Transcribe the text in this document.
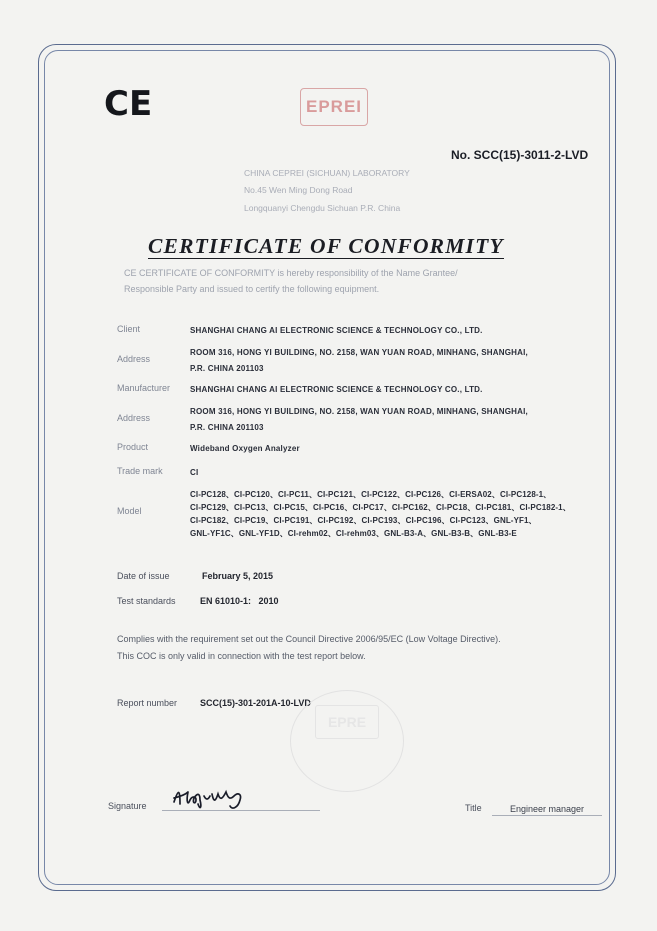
CE	EPREI
No. SCC(15)-3011-2-LVD
CHINA CEPREI (SICHUAN) LABORATORY
No.45 Wen Ming Dong Road
Longquanyi Chengdu Sichuan P.R. China
CERTIFICATE OF CONFORMITY
CE CERTIFICATE OF CONFORMITY is hereby responsibility of the Name Grantee/
Responsible Party and issued to certify the following equipment.
Client	SHANGHAI CHANG AI ELECTRONIC SCIENCE & TECHNOLOGY CO., LTD.
Address
ROOM 316, HONG YI BUILDING, NO. 2158, WAN YUAN ROAD, MINHANG, SHANGHAI,
P.R. CHINA 201103
Manufacturer SHANGHAI CHANG AI ELECTRONIC SCIENCE & TECHNOLOGY CO., LTD.
Address
ROOM 316, HONG YI BUILDING, NO. 2158, WAN YUAN ROAD, MINHANG, SHANGHAI,
P.R. CHINA 201103
Product	Wideband Oxygen Analyzer
Trade mark	CI
Model
CI-PC128、CI-PC120、CI-PC11、CI-PC121、CI-PC122、CI-PC126、CI-ERSA02、CI-PC128-1、
CI-PC129、CI-PC13、CI-PC15、CI-PC16、CI-PC17、CI-PC162、CI-PC18、CI-PC181、CI-PC182-1、
CI-PC182、CI-PC19、CI-PC191、CI-PC192、CI-PC193、CI-PC196、CI-PC123、GNL-YF1、
GNL-YF1C、GNL-YF1D、CI-rehm02、CI-rehm03、GNL-B3-A、GNL-B3-B、GNL-B3-E
Date of issue	February 5, 2015
Test standards	EN 61010-1:   2010
Complies with the requirement set out the Council Directive 2006/95/EC (Low Voltage Directive).
This COC is only valid in connection with the test report below.
Report number	SCC(15)-301-201A-10-LVD
EPRE
Signature	Title	Engineer manager
